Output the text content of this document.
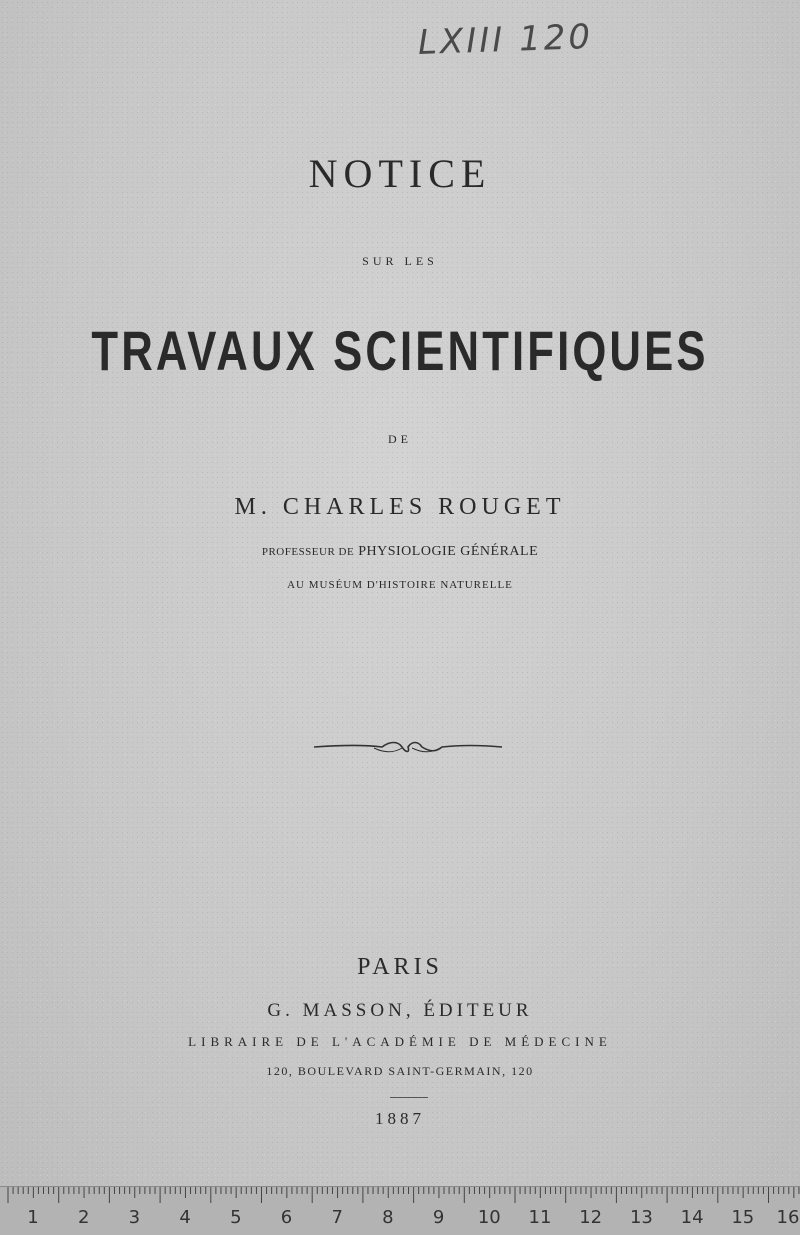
LXIII 120
NOTICE
SUR LES
TRAVAUX SCIENTIFIQUES
DE
M. CHARLES ROUGET
PROFESSEUR DE PHYSIOLOGIE GÉNÉRALE
AU MUSÉUM D'HISTOIRE NATURELLE
PARIS
G. MASSON, ÉDITEUR
LIBRAIRE DE L'ACADÉMIE DE MÉDECINE
120, BOULEVARD SAINT-GERMAIN, 120
1887
1 2 3 4 5 6 7 8 9 10 11 12 13 14 15 16
